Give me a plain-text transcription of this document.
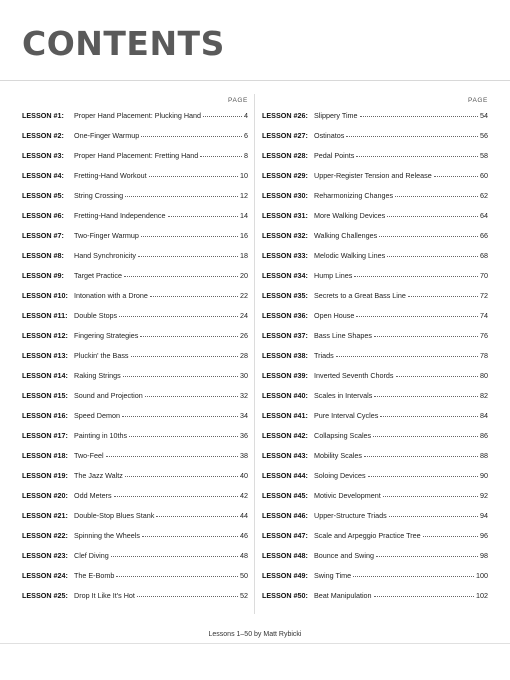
CONTENTS
PAGE
LESSON #1:	Proper Hand Placement: Plucking Hand	4
LESSON #2:	One-Finger Warmup	6
LESSON #3:	Proper Hand Placement: Fretting Hand	8
LESSON #4:	Fretting-Hand Workout	10
LESSON #5:	String Crossing	12
LESSON #6:	Fretting-Hand Independence	14
LESSON #7:	Two-Finger Warmup	16
LESSON #8:	Hand Synchronicity	18
LESSON #9:	Target Practice	20
LESSON #10: Intonation with a Drone	22
LESSON #11: Double Stops	24
LESSON #12: Fingering Strategies	26
LESSON #13: Pluckin' the Bass	28
LESSON #14: Raking Strings	30
LESSON #15: Sound and Projection	32
LESSON #16: Speed Demon	34
LESSON #17: Painting in 10ths	36
LESSON #18: Two-Feel	38
LESSON #19: The Jazz Waltz	40
LESSON #20: Odd Meters	42
LESSON #21: Double-Stop Blues Stank	44
LESSON #22: Spinning the Wheels	46
LESSON #23: Clef Diving	48
LESSON #24: The E-Bomb	50
LESSON #25: Drop It Like It's Hot	52
PAGE
LESSON #26: Slippery Time	54
LESSON #27: Ostinatos	56
LESSON #28: Pedal Points	58
LESSON #29: Upper-Register Tension and Release	60
LESSON #30: Reharmonizing Changes	62
LESSON #31: More Walking Devices	64
LESSON #32: Walking Challenges	66
LESSON #33: Melodic Walking Lines	68
LESSON #34: Hump Lines	70
LESSON #35: Secrets to a Great Bass Line	72
LESSON #36: Open House	74
LESSON #37: Bass Line Shapes	76
LESSON #38: Triads	78
LESSON #39: Inverted Seventh Chords	80
LESSON #40: Scales in Intervals	82
LESSON #41: Pure Interval Cycles	84
LESSON #42: Collapsing Scales	86
LESSON #43: Mobility Scales	88
LESSON #44: Soloing Devices	90
LESSON #45: Motivic Development	92
LESSON #46: Upper-Structure Triads	94
LESSON #47: Scale and Arpeggio Practice Tree	96
LESSON #48: Bounce and Swing	98
LESSON #49: Swing Time	100
LESSON #50: Beat Manipulation	102
Lessons 1–50 by Matt Rybicki
